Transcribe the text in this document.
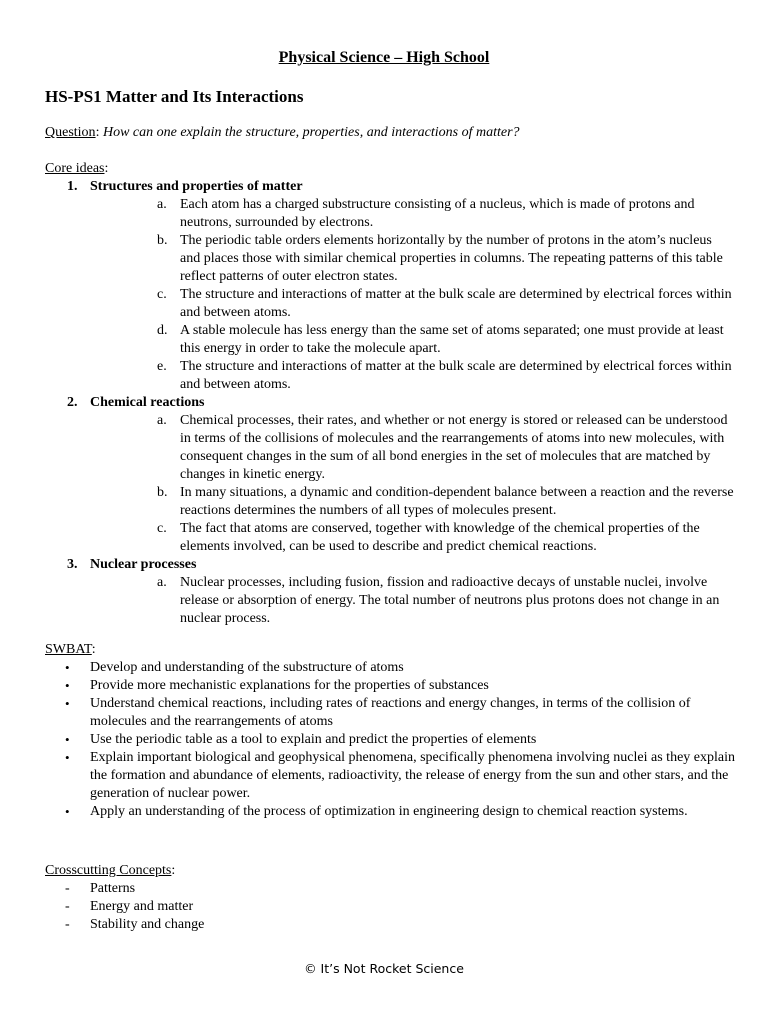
Physical Science – High School
HS-PS1 Matter and Its Interactions
Question: How can one explain the structure, properties, and interactions of matter?
Core ideas:
1. Structures and properties of matter
a. Each atom has a charged substructure consisting of a nucleus, which is made of protons and neutrons, surrounded by electrons.
b. The periodic table orders elements horizontally by the number of protons in the atom’s nucleus and places those with similar chemical properties in columns. The repeating patterns of this table reflect patterns of outer electron states.
c. The structure and interactions of matter at the bulk scale are determined by electrical forces within and between atoms.
d. A stable molecule has less energy than the same set of atoms separated; one must provide at least this energy in order to take the molecule apart.
e. The structure and interactions of matter at the bulk scale are determined by electrical forces within and between atoms.
2. Chemical reactions
a. Chemical processes, their rates, and whether or not energy is stored or released can be understood in terms of the collisions of molecules and the rearrangements of atoms into new molecules, with consequent changes in the sum of all bond energies in the set of molecules that are matched by changes in kinetic energy.
b. In many situations, a dynamic and condition-dependent balance between a reaction and the reverse reactions determines the numbers of all types of molecules present.
c. The fact that atoms are conserved, together with knowledge of the chemical properties of the elements involved, can be used to describe and predict chemical reactions.
3. Nuclear processes
a. Nuclear processes, including fusion, fission and radioactive decays of unstable nuclei, involve release or absorption of energy. The total number of neutrons plus protons does not change in an nuclear process.
SWBAT:
• Develop and understanding of the substructure of atoms
• Provide more mechanistic explanations for the properties of substances
• Understand chemical reactions, including rates of reactions and energy changes, in terms of the collision of molecules and the rearrangements of atoms
• Use the periodic table as a tool to explain and predict the properties of elements
• Explain important biological and geophysical phenomena, specifically phenomena involving nuclei as they explain the formation and abundance of elements, radioactivity, the release of energy from the sun and other stars, and the generation of nuclear power.
• Apply an understanding of the process of optimization in engineering design to chemical reaction systems.
Crosscutting Concepts:
- Patterns
- Energy and matter
- Stability and change
© It’s Not Rocket Science
